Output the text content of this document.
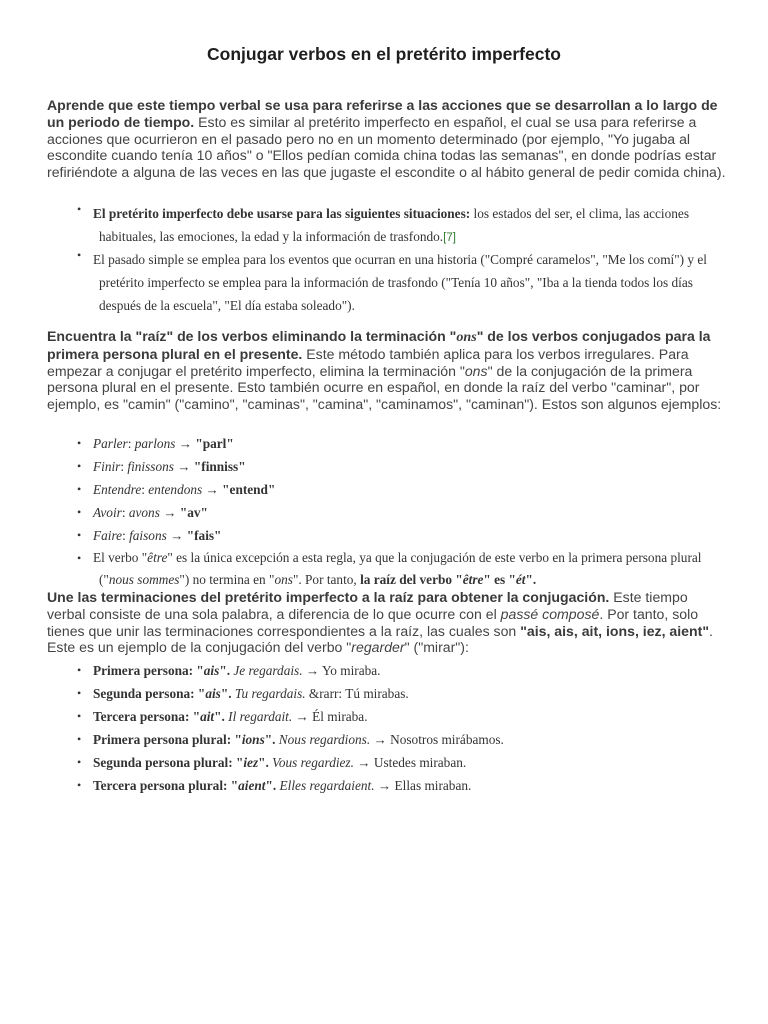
Conjugar verbos en el pretérito imperfecto

Aprende que este tiempo verbal se usa para referirse a las acciones que se desarrollan a lo largo de un periodo de tiempo. Esto es similar al pretérito imperfecto en español, el cual se usa para referirse a acciones que ocurrieron en el pasado pero no en un momento determinado (por ejemplo, "Yo jugaba al escondite cuando tenía 10 años" o "Ellos pedían comida china todas las semanas", en donde podrías estar refiriéndote a alguna de las veces en las que jugaste el escondite o al hábito general de pedir comida china).

• El pretérito imperfecto debe usarse para las siguientes situaciones: los estados del ser, el clima, las acciones habituales, las emociones, la edad y la información de trasfondo.[7]
• El pasado simple se emplea para los eventos que ocurran en una historia ("Compré caramelos", "Me los comí") y el pretérito imperfecto se emplea para la información de trasfondo ("Tenía 10 años", "Iba a la tienda todos los días después de la escuela", "El día estaba soleado").

Encuentra la "raíz" de los verbos eliminando la terminación "ons" de los verbos conjugados para la primera persona plural en el presente. Este método también aplica para los verbos irregulares. Para empezar a conjugar el pretérito imperfecto, elimina la terminación "ons" de la conjugación de la primera persona plural en el presente. Esto también ocurre en español, en donde la raíz del verbo "caminar", por ejemplo, es "camin" ("camino", "caminas", "camina", "caminamos", "caminan"). Estos son algunos ejemplos:

• Parler: parlons → "parl"
• Finir: finissons → "finniss"
• Entendre: entendons → "entend"
• Avoir: avons → "av"
• Faire: faisons → "fais"
• El verbo "être" es la única excepción a esta regla, ya que la conjugación de este verbo en la primera persona plural ("nous sommes") no termina en "ons". Por tanto, la raíz del verbo "être" es "ét".

Une las terminaciones del pretérito imperfecto a la raíz para obtener la conjugación. Este tiempo verbal consiste de una sola palabra, a diferencia de lo que ocurre con el passé composé. Por tanto, solo tienes que unir las terminaciones correspondientes a la raíz, las cuales son "ais, ais, ait, ions, iez, aient". Este es un ejemplo de la conjugación del verbo "regarder" ("mirar"):

• Primera persona: "ais". Je regardais. → Yo miraba.
• Segunda persona: "ais". Tu regardais. &rarr: Tú mirabas.
• Tercera persona: "ait". Il regardait. → Él miraba.
• Primera persona plural: "ions". Nous regardions. → Nosotros mirábamos.
• Segunda persona plural: "iez". Vous regardiez. → Ustedes miraban.
• Tercera persona plural: "aient". Elles regardaient. → Ellas miraban.
